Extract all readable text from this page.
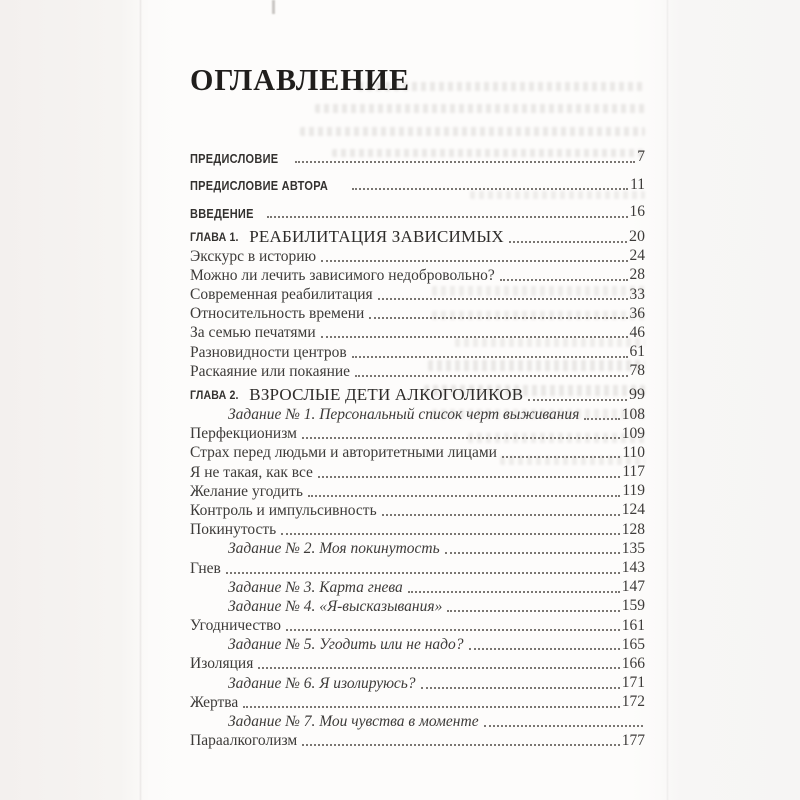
ОГЛАВЛЕНИЕ
ПРЕДИСЛОВИЕ	7
ПРЕДИСЛОВИЕ АВТОРА	11
ВВЕДЕНИЕ	16
ГЛАВА 1. РЕАБИЛИТАЦИЯ ЗАВИСИМЫХ	20
Экскурс в историю	24
Можно ли лечить зависимого недобровольно?	28
Современная реабилитация	33
Относительность времени	36
За семью печатями	46
Разновидности центров	61
Раскаяние или покаяние	78
ГЛАВА 2. ВЗРОСЛЫЕ ДЕТИ АЛКОГОЛИКОВ	99
Задание № 1. Персональный список черт выживания	108
Перфекционизм	109
Страх перед людьми и авторитетными лицами	110
Я не такая, как все	117
Желание угодить	119
Контроль и импульсивность	124
Покинутость	128
Задание № 2. Моя покинутость	135
Гнев	143
Задание № 3. Карта гнева	147
Задание № 4. «Я-высказывания»	159
Угодничество	161
Задание № 5. Угодить или не надо?	165
Изоляция	166
Задание № 6. Я изолируюсь?	171
Жертва	172
Задание № 7. Мои чувства в моменте
Параалкоголизм	177
